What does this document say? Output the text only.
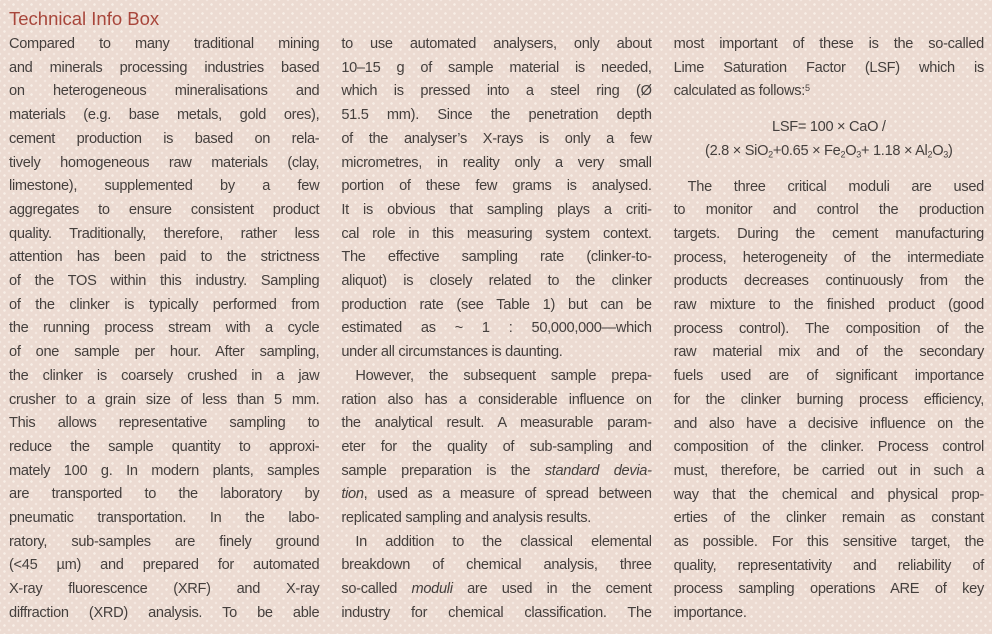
Technical Info Box
Compared to many traditional mining
and minerals processing industries based
on heterogeneous mineralisations and
materials (e.g. base metals, gold ores),
cement production is based on rela-
tively homogeneous raw materials (clay,
limestone), supplemented by a few
aggregates to ensure consistent product
quality. Traditionally, therefore, rather less
attention has been paid to the strictness
of the TOS within this industry. Sampling
of the clinker is typically performed from
the running process stream with a cycle
of one sample per hour. After sampling,
the clinker is coarsely crushed in a jaw
crusher to a grain size of less than 5 mm.
This allows representative sampling to
reduce the sample quantity to approxi-
mately 100 g. In modern plants, samples
are transported to the laboratory by
pneumatic transportation. In the labo-
ratory, sub-samples are finely ground
(<45 µm) and prepared for automated
X-ray fluorescence (XRF) and X-ray
diffraction (XRD) analysis. To be able
to use automated analysers, only about
10–15 g of sample material is needed,
which is pressed into a steel ring (Ø
51.5 mm). Since the penetration depth
of the analyser’s X-rays is only a few
micrometres, in reality only a very small
portion of these few grams is analysed.
It is obvious that sampling plays a criti-
cal role in this measuring system context.
The effective sampling rate (clinker-to-
aliquot) is closely related to the clinker
production rate (see Table 1) but can be
estimated as ~ 1 : 50,000,000—which
under all circumstances is daunting.
However, the subsequent sample prepa-
ration also has a considerable influence on
the analytical result. A measurable param-
eter for the quality of sub-sampling and
sample preparation is the standard devia-
tion, used as a measure of spread between
replicated sampling and analysis results.
In addition to the classical elemental
breakdown of chemical analysis, three
so-called moduli are used in the cement
industry for chemical classification. The
most important of these is the so-called
Lime Saturation Factor (LSF) which is
calculated as follows:$^5$
LSF= 100 × CaO /
$(2.8 \times SiO_2+0.65 \times Fe_2O_3+ 1.18 \times Al_2O_3)$
The three critical moduli are used
to monitor and control the production
targets. During the cement manufacturing
process, heterogeneity of the intermediate
products decreases continuously from the
raw mixture to the finished product (good
process control). The composition of the
raw material mix and of the secondary
fuels used are of significant importance
for the clinker burning process efficiency,
and also have a decisive influence on the
composition of the clinker. Process control
must, therefore, be carried out in such a
way that the chemical and physical prop-
erties of the clinker remain as constant
as possible. For this sensitive target, the
quality, representativity and reliability of
process sampling operations ARE of key
importance.
